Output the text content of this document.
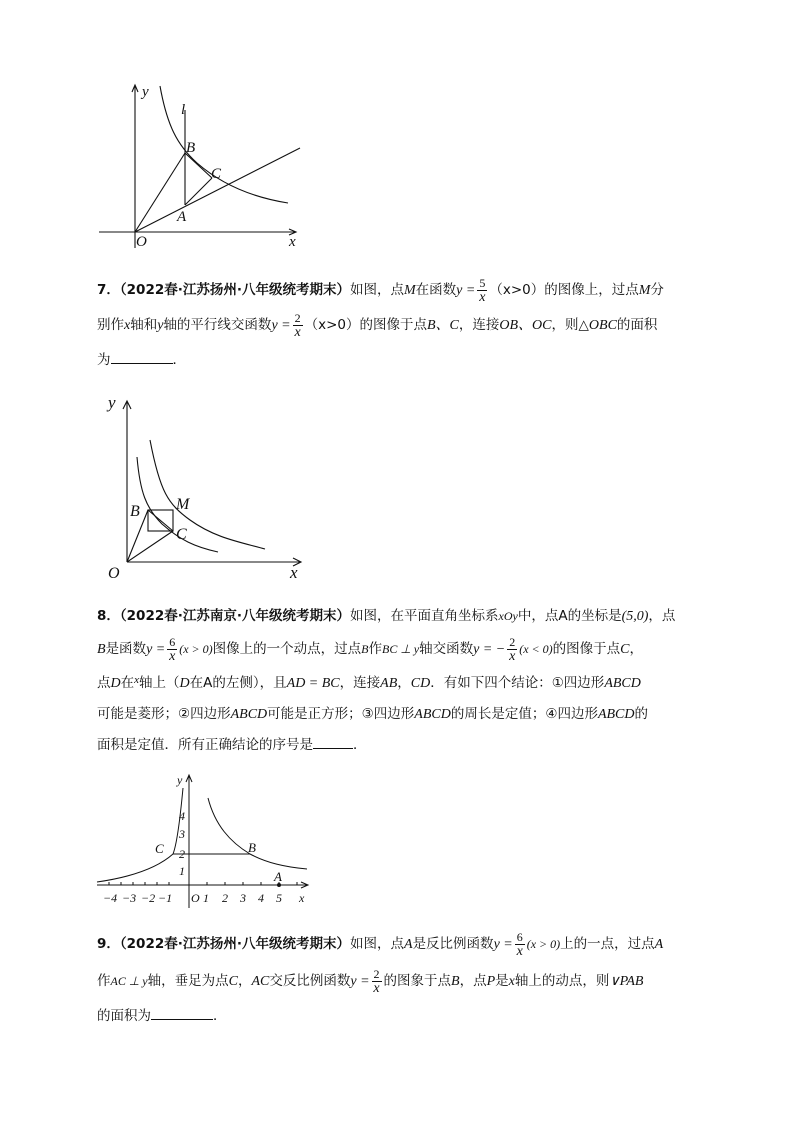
y
l
B
C
A
O	x
7．（2022春·江苏扬州·八年级统考期末）如图，点M在函数$y = \frac{5}{x} (x>0)$的图像上，过点M分
别作x轴和y轴的平行线交函数$y = \frac{2}{x} (x>0)$的图像于点B、C，连接OB、OC，则△OBC的面积
为	．
y
M
B
C
O	x
8．（2022春·江苏南京·八年级统考期末）如图，在平面直角坐标系xOy中，点A的坐标是(5,0)，点
B是函数$y = \frac{6}{x} (x > 0)$图像上的一个动点，过点B作BC ⊥ y轴交函数y = − $\frac{2}{x} (x < 0)$的图像于点C，
点D在$^x$轴上（D在A的左侧），且AD = BC，连接AB，CD．有如下四个结论：①四边形ABCD
可能是菱形；②四边形ABCD可能是正方形；③四边形ABCD的周长是定值；④四边形ABCD的
面积是定值．所有正确结论的序号是	．
4
3
2
1
−4 −3 −2 −1	1 2 3 4 5
O	x
y
C	B
A
9．（2022春·江苏扬州·八年级统考期末）如图，点A是反比例函数$y = \frac{6}{x} (x > 0)$上的一点，过点A
作AC ⊥ y轴，垂足为点C，AC交反比例函数$y = \frac{2}{x}$ 的图象于点B，点P是x轴上的动点，则∨PAB
的面积为	．
